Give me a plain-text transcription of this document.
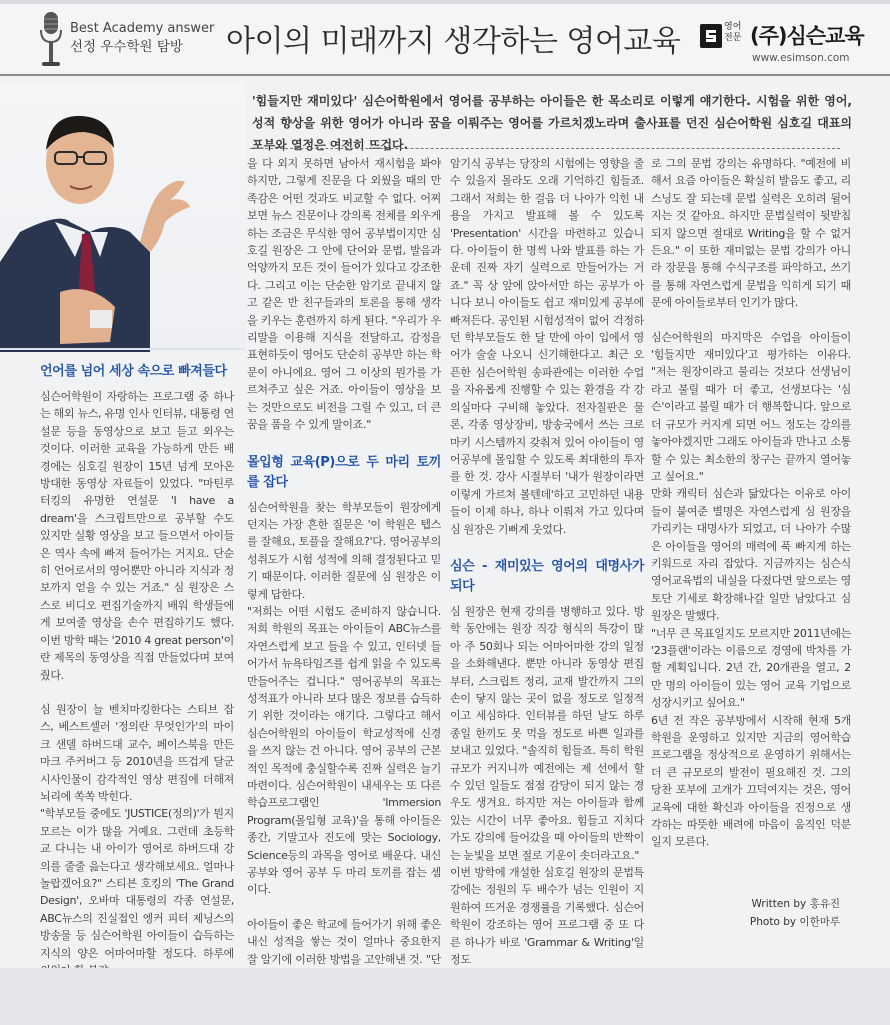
Best Academy answer
선정 우수학원 탐방	아이의 미래까지 생각하는 영어교육	영어 전문 (주)심슨교육
www.esimson.com
'힘들지만 재미있다' 심슨어학원에서 영어를 공부하는 아이들은 한 목소리로 이렇게 얘기한다. 시험을 위한 영어, 성적 향상을 위한 영어가 아니라 꿈을 이뤄주는 영어를 가르치겠노라며 출사표를 던진 심슨어학원 심호길 대표의 포부와 열정은 여전히 뜨겁다.
언어를 넘어 세상 속으로 빠져들다

심슨어학원이 자랑하는 프로그램 중 하나는 해외 뉴스, 유명 인사 인터뷰, 대통령 연설문 등을 동영상으로 보고 듣고 외우는 것이다. 이러한 교육을 가능하게 만든 배경에는 심호길 원장이 15년 넘게 모아온 방대한 동영상 자료들이 있었다. "마틴루터킹의 유명한 연설문 'I have a dream'을 스크립트만으로 공부할 수도 있지만 실황 영상을 보고 들으면서 아이들은 역사 속에 빠져 들어가는 거지요. 단순히 언어로서의 영어뿐만 아니라 지식과 정보까지 얻을 수 있는 거죠." 심 원장은 스스로 비디오 편집기술까지 배워 학생들에게 보여줄 영상을 손수 편집하기도 했다. 이번 방학 때는 '2010 4 great person'이란 제목의 동영상을 직접 만들었다며 보여줬다.

심 원장이 늘 벤치마킹한다는 스티브 잡스, 베스트셀러 '정의란 무엇인가'의 마이크 샌델 하버드대 교수, 페이스북을 만든 마크 주커버그 등 2010년을 뜨겁게 달군 시사인물이 감각적인 영상 편집에 더해져 뇌리에 쏙쏙 박힌다.

"학부모들 중에도 'JUSTICE(정의)'가 뭔지 모르는 이가 많을 거예요. 그런데 초등학교 다니는 내 아이가 영어로 하버드대 강의를 줄줄 읊는다고 생각해보세요. 얼마나 놀랍겠어요?" 스티븐 호킹의 'The Grand Design', 오바마 대통령의 각종 연설문, ABC뉴스의 진실접인 엥커 피터 제닝스의 방송물 등 심슨어학원 아이들이 습득하는 지식의 양은 어마어마할 정도다. 하루에

을 다 외지 못하면 남아서 재시험을 봐야 하지만, 그렇게 진문을 다 외웠을 때의 만족감은 어떤 것과도 비교할 수 없다. 어찌 보면 뉴스 진문이나 강의록 전체를 외우게 하는 조금은 무식한 영어 공부법이지만 심호길 원장은 그 안에 단어와 문법, 발음과 억양까지 모든 것이 들어가 있다고 강조한다. 그리고 이는 단순한 암기로 끝내지 않고 같은 반 친구들과의 토론을 통해 생각을 키우는 훈련까지 하게 된다. "우리가 우리말을 이용해 지식을 전달하고, 감정을 표현하듯이 영어도 단순히 공부만 하는 학문이 아니에요. 영어 그 이상의 뭔가를 가르쳐주고 싶은 거죠. 아이들이 영상을 보는 것만으로도 비전을 그릴 수 있고, 더 큰 꿈을 품을 수 있게 말이죠."

몰입형 교육(P)으로 두 마리 토끼를 잡다

심슨어학원을 찾는 학부모들이 원장에게 던지는 가장 흔한 질문은 '이 학원은 텝스를 잘해요, 토플을 잘해요?'다. 영어공부의 성취도가 시험 성적에 의해 결정된다고 믿기 때문이다. 이러한 질문에 심 원장은 이렇게 답한다.

"저희는 어떤 시험도 준비하지 않습니다. 저희 학원의 목표는 아이들이 ABC뉴스를 자연스럽게 보고 들을 수 있고, 인터넷 들어가서 뉴욕타임즈를 쉽게 읽을 수 있도록 만들어주는 겁니다." 영어공부의 목표는 성적표가 아니라 보다 많은 정보를 습득하기 위한 것이라는 얘기다. 그렇다고 해서 심슨어학원의 아이들이 학교성적에 신경을 쓰지 않는 건 아니다. 영어 공부의 근본적인 목적에 충실할수록 진짜 실력은 늘기 마련이다. 심슨어학원이 내세우는 또 다른 학습프로그램인 'Immersion Program(몰입형 교육)'을 통해 아이들은 종간, 기말고사 진도에 맞는 Sociology, Science등의 과목을 영어로 배운다. 내신 공부와 영어 공부 두 마리 토끼를 잡는 셈이다.

아이들이 좋은 학교에 들어가기 위해 좋은 내신 성적을 쌓는 것이 얼마나 중요한지 잘 알기에 이러한 방법을 고안해낸 것. "단

암기식 공부는 당장의 시험에는 영향을 줄 수 있을지 몰라도 오래 기억하긴 힘들죠. 그래서 저희는 한 걸음 더 나아가 익힌 내용을 가지고 발표해 볼 수 있도록 'Presentation' 시간을 마련하고 있습니다. 아이들이 한 명씩 나와 발표를 하는 가운데 진짜 자기 실력으로 만들어가는 거죠." 꼭 상 앞에 앉아서만 하는 공부가 아니다 보니 아이들도 쉽고 재미있게 공부에 빠져든다. 공인된 시험성적이 없어 걱정하던 학부모들도 한 달 만에 아이 입에서 영어가 술술 나오니 신기해한다고. 최근 오픈한 심슨어학원 송파관에는 이러한 수업을 자유롭게 진행할 수 있는 환경을 각 강의실마다 구비해 놓았다. 전자칠판은 물론, 각종 영상장비, 방송국에서 쓰는 크로마키 시스템까지 갖춰져 있어 아이들이 영어공부에 몰입할 수 있도록 최대한의 투자를 한 것. 강사 시절부터 '내가 원장이라면 이렇게 가르쳐 볼텐데'하고 고민하던 내용들이 이제 하나, 하나 이뤄져 가고 있다며 심 원장은 기뻐계 웃었다.

심슨 - 재미있는 영어의 대명사가 되다

심 원장은 현재 강의를 병행하고 있다. 방학 동안에는 원장 직강 형식의 특강이 많아 주 50회나 되는 어마어마한 강의 일정을 소화해낸다. 뿐만 아니라 동영상 편집부터, 스크립트 정리, 교재 발간까지 그의 손이 닿지 않는 곳이 없을 정도로 일정적이고 세심하다. 인터뷰를 하던 날도 하루 종일 한끼도 못 먹을 정도로 바쁜 일과를 보내고 있었다. "솔직히 힘들죠. 특히 학원 규모가 커지니까 예전에는 제 선에서 할 수 있던 일들도 점점 감당이 되지 않는 경우도 생겨요. 하지만 저는 아이들과 함께 있는 시간이 너무 좋아요. 힘들고 지치다가도 강의에 들어갔을 때 아이들의 반짝이는 눈빛을 보면 절로 기운이 솟더라고요."

이번 방학에 개설한 심호길 원장의 문법특강에는 정원의 두 배수가 넘는 인원이 지원하여 뜨거운 경쟁률을 기록했다. 심슨어학원이 강조하는 영어 프로그램 중 또 다른 하나가 바로 'Grammar & Writing'일 정도

로 그의 문법 강의는 유명하다. "예전에 비해서 요즘 아이들은 확실히 발음도 좋고, 리스닝도 잘 되는데 문법 실력은 오히려 뒬어지는 것 같아요. 하지만 문법실력이 뒷받침되지 않으면 절대로 Writing을 할 수 없거든요." 이 또한 재미없는 문법 강의가 아니라 장문을 통해 수식구조를 파악하고, 쓰기를 통해 자연스럽게 문법을 익히게 되기 때문에 아이들로부터 인기가 많다.

심슨어학원의 마지막은 수업을 아이들이 '힘들지만 재미있다'고 평가하는 이유다. "저는 원장이라고 불리는 것보다 선생님이라고 불릴 때가 더 좋고, 선생보다는 '심슨'이라고 불릴 때가 더 행복합니다. 앞으로 더 규모가 커지게 되면 어느 정도는 강의를 놓아야겠지만 그래도 아이들과 만나고 소통할 수 있는 최소한의 창구는 끝까지 열어놓고 싶어요."

만화 캐릭터 심슨과 닮았다는 이유로 아이들이 붙여준 별명은 자연스럽게 심 원장을 가리키는 대명사가 되었고, 더 나아가 수많은 아이들을 영어의 매력에 푹 빠지게 하는 키워드로 자리 잡았다. 지금까지는 심슨식 영어교육법의 내실을 다졌다면 앞으로는 영토단 기세로 확장해나갈 일만 남았다고 심 원장은 말했다.

"너무 큰 목표일지도 모르지만 2011년에는 '23플랜'이라는 이름으로 경영에 박차를 가할 계획입니다. 2년 간, 20개관을 열고, 2만 명의 아이들이 있는 영어 교육 기업으로 성장시키고 싶어요."

6년 전 작은 공부방에서 시작해 현재 5개 학원을 운영하고 있지만 지금의 영어학습 프로그램을 정상적으로 운영하기 위해서는 더 큰 규모로의 발전이 필요해진 것. 그의 당찬 포부에 고개가 끄덕여지는 것은, 영어 교육에 대한 확신과 아이들을 진정으로 생각하는 따뜻한 배려에 마음이 움직인 덕분일지 모른다.

Written by 홍유진
Photo by 이한마루
